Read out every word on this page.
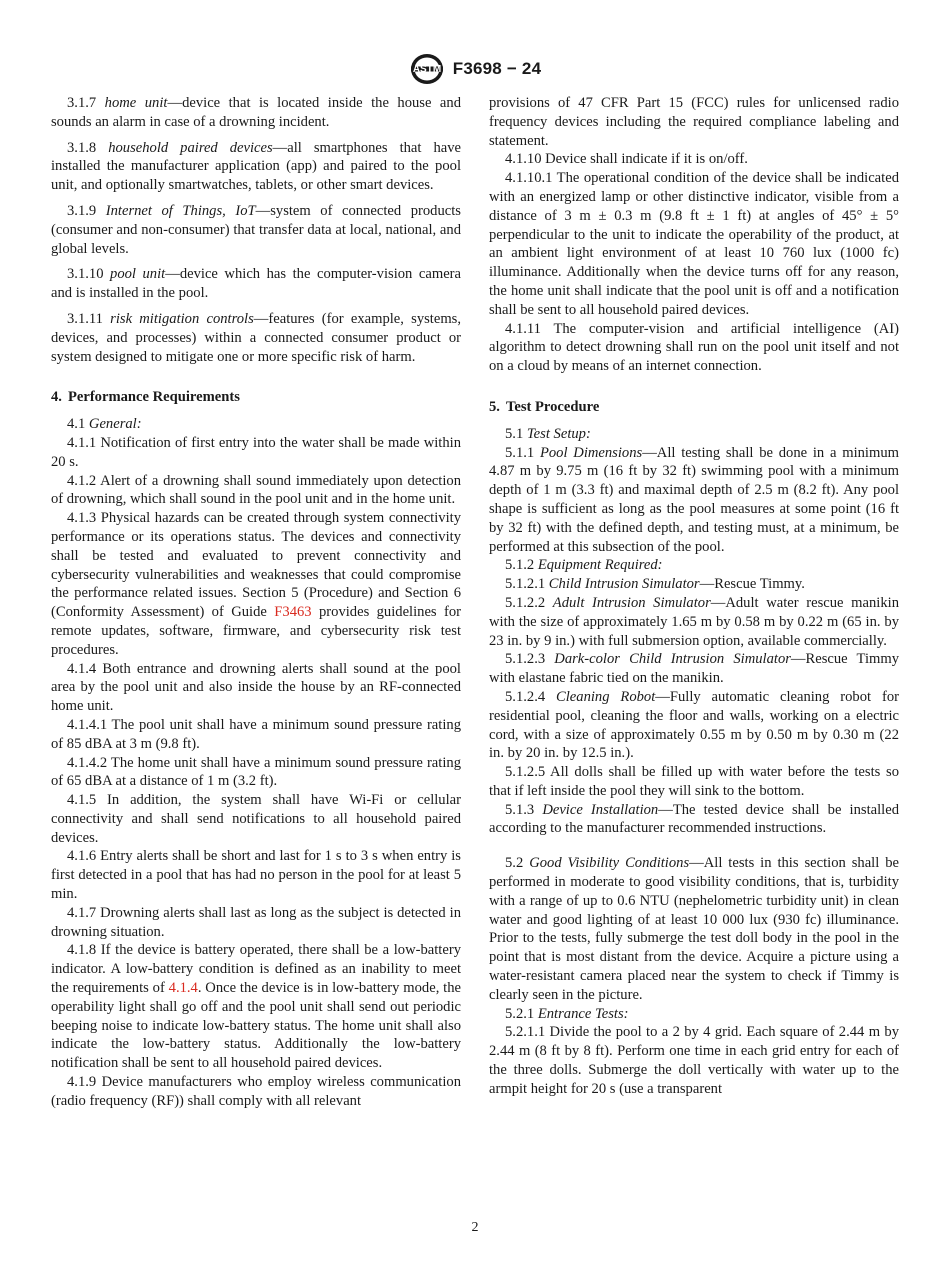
ASTM F3698 − 24

3.1.7 home unit—device that is located inside the house and sounds an alarm in case of a drowning incident.

3.1.8 household paired devices—all smartphones that have installed the manufacturer application (app) and paired to the pool unit, and optionally smartwatches, tablets, or other smart devices.

3.1.9 Internet of Things, IoT—system of connected products (consumer and non-consumer) that transfer data at local, national, and global levels.

3.1.10 pool unit—device which has the computer-vision camera and is installed in the pool.

3.1.11 risk mitigation controls—features (for example, systems, devices, and processes) within a connected consumer product or system designed to mitigate one or more specific risk of harm.

4. Performance Requirements

4.1 General:

4.1.1 Notification of first entry into the water shall be made within 20 s.

4.1.2 Alert of a drowning shall sound immediately upon detection of drowning, which shall sound in the pool unit and in the home unit.

4.1.3 Physical hazards can be created through system connectivity performance or its operations status. The devices and connectivity shall be tested and evaluated to prevent connectivity and cybersecurity vulnerabilities and weaknesses that could compromise the performance related issues. Section 5 (Procedure) and Section 6 (Conformity Assessment) of Guide F3463 provides guidelines for remote updates, software, firmware, and cybersecurity risk test procedures.

4.1.4 Both entrance and drowning alerts shall sound at the pool area by the pool unit and also inside the house by an RF-connected home unit.

4.1.4.1 The pool unit shall have a minimum sound pressure rating of 85 dBA at 3 m (9.8 ft).

4.1.4.2 The home unit shall have a minimum sound pressure rating of 65 dBA at a distance of 1 m (3.2 ft).

4.1.5 In addition, the system shall have Wi-Fi or cellular connectivity and shall send notifications to all household paired devices.

4.1.6 Entry alerts shall be short and last for 1 s to 3 s when entry is first detected in a pool that has had no person in the pool for at least 5 min.

4.1.7 Drowning alerts shall last as long as the subject is detected in drowning situation.

4.1.8 If the device is battery operated, there shall be a low-battery indicator. A low-battery condition is defined as an inability to meet the requirements of 4.1.4. Once the device is in low-battery mode, the operability light shall go off and the pool unit shall send out periodic beeping noise to indicate low-battery status. The home unit shall also indicate the low-battery status. Additionally the low-battery notification shall be sent to all household paired devices.

4.1.9 Device manufacturers who employ wireless communication (radio frequency (RF)) shall comply with all relevant

provisions of 47 CFR Part 15 (FCC) rules for unlicensed radio frequency devices including the required compliance labeling and statement.

4.1.10 Device shall indicate if it is on/off.

4.1.10.1 The operational condition of the device shall be indicated with an energized lamp or other distinctive indicator, visible from a distance of 3 m ± 0.3 m (9.8 ft ± 1 ft) at angles of 45° ± 5° perpendicular to the unit to indicate the operability of the product, at an ambient light environment of at least 10 760 lux (1000 fc) illuminance. Additionally when the device turns off for any reason, the home unit shall indicate that the pool unit is off and a notification shall be sent to all household paired devices.

4.1.11 The computer-vision and artificial intelligence (AI) algorithm to detect drowning shall run on the pool unit itself and not on a cloud by means of an internet connection.

5. Test Procedure

5.1 Test Setup:

5.1.1 Pool Dimensions—All testing shall be done in a minimum 4.87 m by 9.75 m (16 ft by 32 ft) swimming pool with a minimum depth of 1 m (3.3 ft) and maximal depth of 2.5 m (8.2 ft). Any pool shape is sufficient as long as the pool measures at some point (16 ft by 32 ft) with the defined depth, and testing must, at a minimum, be performed at this subsection of the pool.

5.1.2 Equipment Required:

5.1.2.1 Child Intrusion Simulator—Rescue Timmy.

5.1.2.2 Adult Intrusion Simulator—Adult water rescue manikin with the size of approximately 1.65 m by 0.58 m by 0.22 m (65 in. by 23 in. by 9 in.) with full submersion option, available commercially.

5.1.2.3 Dark-color Child Intrusion Simulator—Rescue Timmy with elastane fabric tied on the manikin.

5.1.2.4 Cleaning Robot—Fully automatic cleaning robot for residential pool, cleaning the floor and walls, working on a electric cord, with a size of approximately 0.55 m by 0.50 m by 0.30 m (22 in. by 20 in. by 12.5 in.).

5.1.2.5 All dolls shall be filled up with water before the tests so that if left inside the pool they will sink to the bottom.

5.1.3 Device Installation—The tested device shall be installed according to the manufacturer recommended instructions.

5.2 Good Visibility Conditions—All tests in this section shall be performed in moderate to good visibility conditions, that is, turbidity with a range of up to 0.6 NTU (nephelometric turbidity unit) in clean water and good lighting of at least 10 000 lux (930 fc) illuminance. Prior to the tests, fully submerge the test doll body in the pool in the point that is most distant from the device. Acquire a picture using a water-resistant camera placed near the system to check if Timmy is clearly seen in the picture.

5.2.1 Entrance Tests:

5.2.1.1 Divide the pool to a 2 by 4 grid. Each square of 2.44 m by 2.44 m (8 ft by 8 ft). Perform one time in each grid entry for each of the three dolls. Submerge the doll vertically with water up to the armpit height for 20 s (use a transparent

2
